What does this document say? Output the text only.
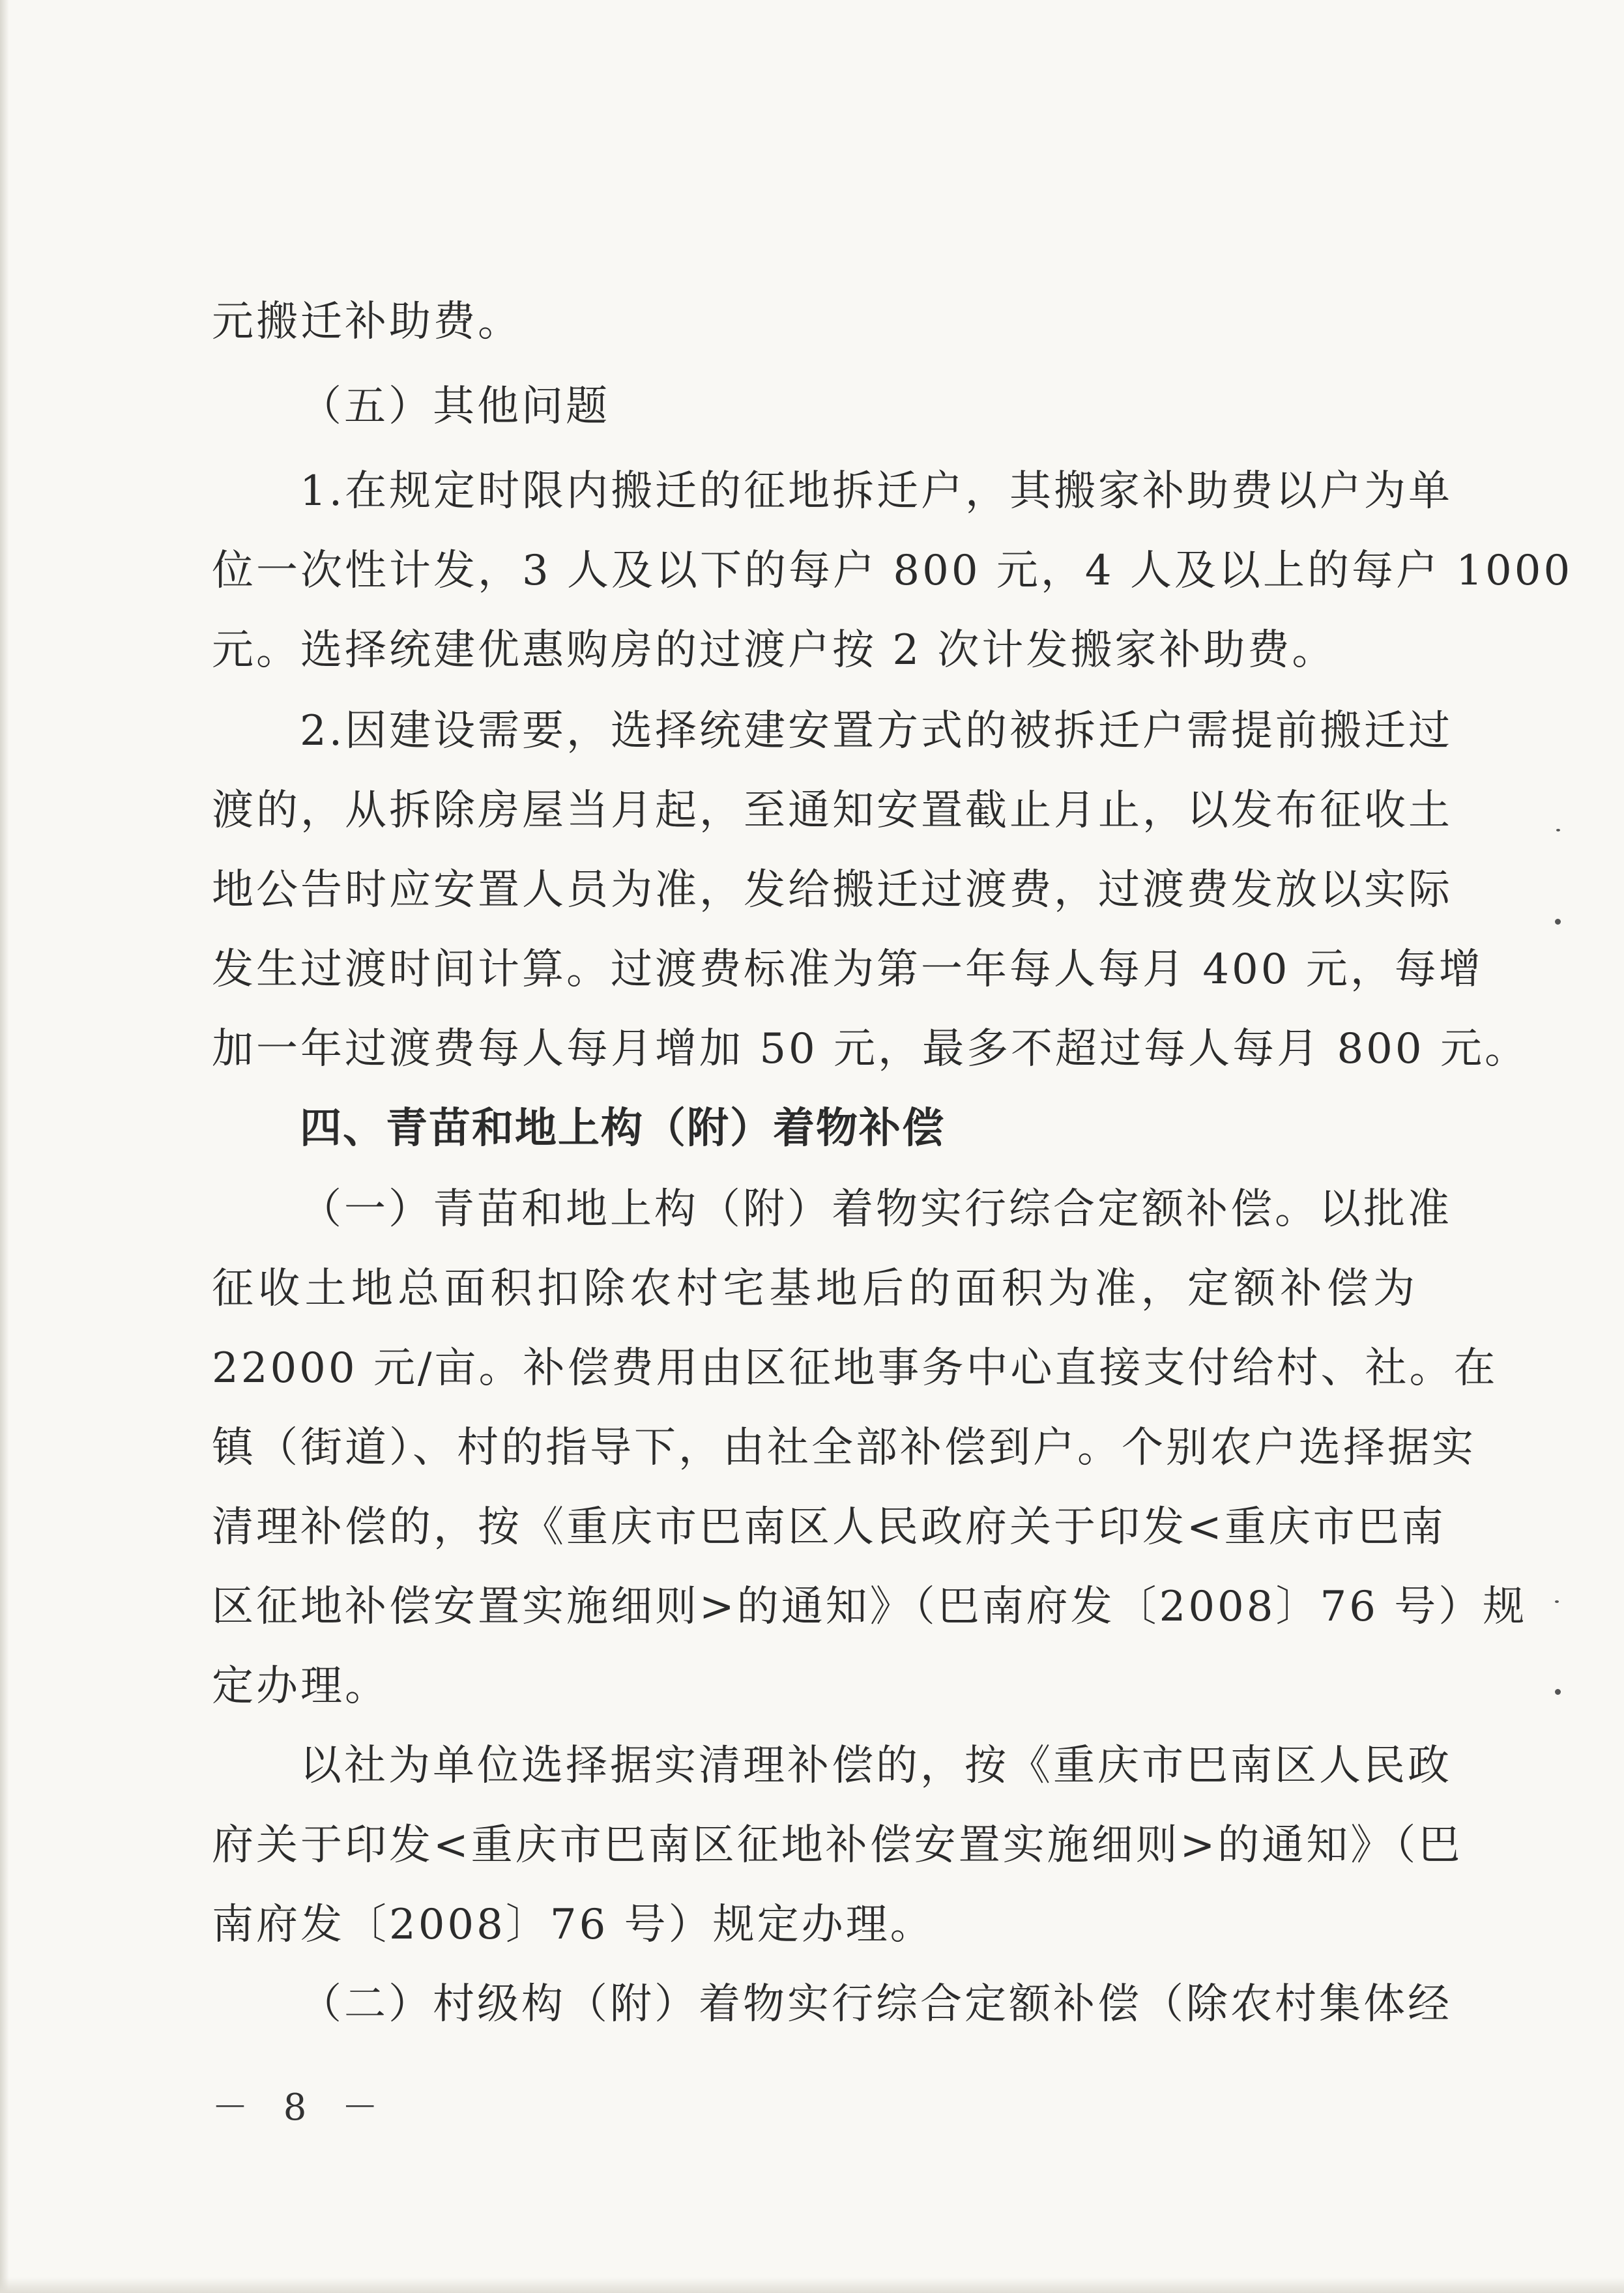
元搬迁补助费。
（五）其他问题
1.在规定时限内搬迁的征地拆迁户，其搬家补助费以户为单
位一次性计发，3 人及以下的每户 800 元，4 人及以上的每户 1000
元。选择统建优惠购房的过渡户按 2 次计发搬家补助费。
2.因建设需要，选择统建安置方式的被拆迁户需提前搬迁过
渡的，从拆除房屋当月起，至通知安置截止月止，以发布征收土
地公告时应安置人员为准，发给搬迁过渡费，过渡费发放以实际
发生过渡时间计算。过渡费标准为第一年每人每月 400 元，每增
加一年过渡费每人每月增加 50 元，最多不超过每人每月 800 元。
四、青苗和地上构（附）着物补偿
（一）青苗和地上构（附）着物实行综合定额补偿。以批准
征收土地总面积扣除农村宅基地后的面积为准，定额补偿为
22000 元/亩。补偿费用由区征地事务中心直接支付给村、社。在
镇（街道）、村的指导下，由社全部补偿到户。个别农户选择据实
清理补偿的，按《重庆市巴南区人民政府关于印发<重庆市巴南
区征地补偿安置实施细则>的通知》（巴南府发〔2008〕76 号）规
定办理。
以社为单位选择据实清理补偿的，按《重庆市巴南区人民政
府关于印发<重庆市巴南区征地补偿安置实施细则>的通知》（巴
南府发〔2008〕76 号）规定办理。
（二）村级构（附）着物实行综合定额补偿（除农村集体经
－ 8 －
